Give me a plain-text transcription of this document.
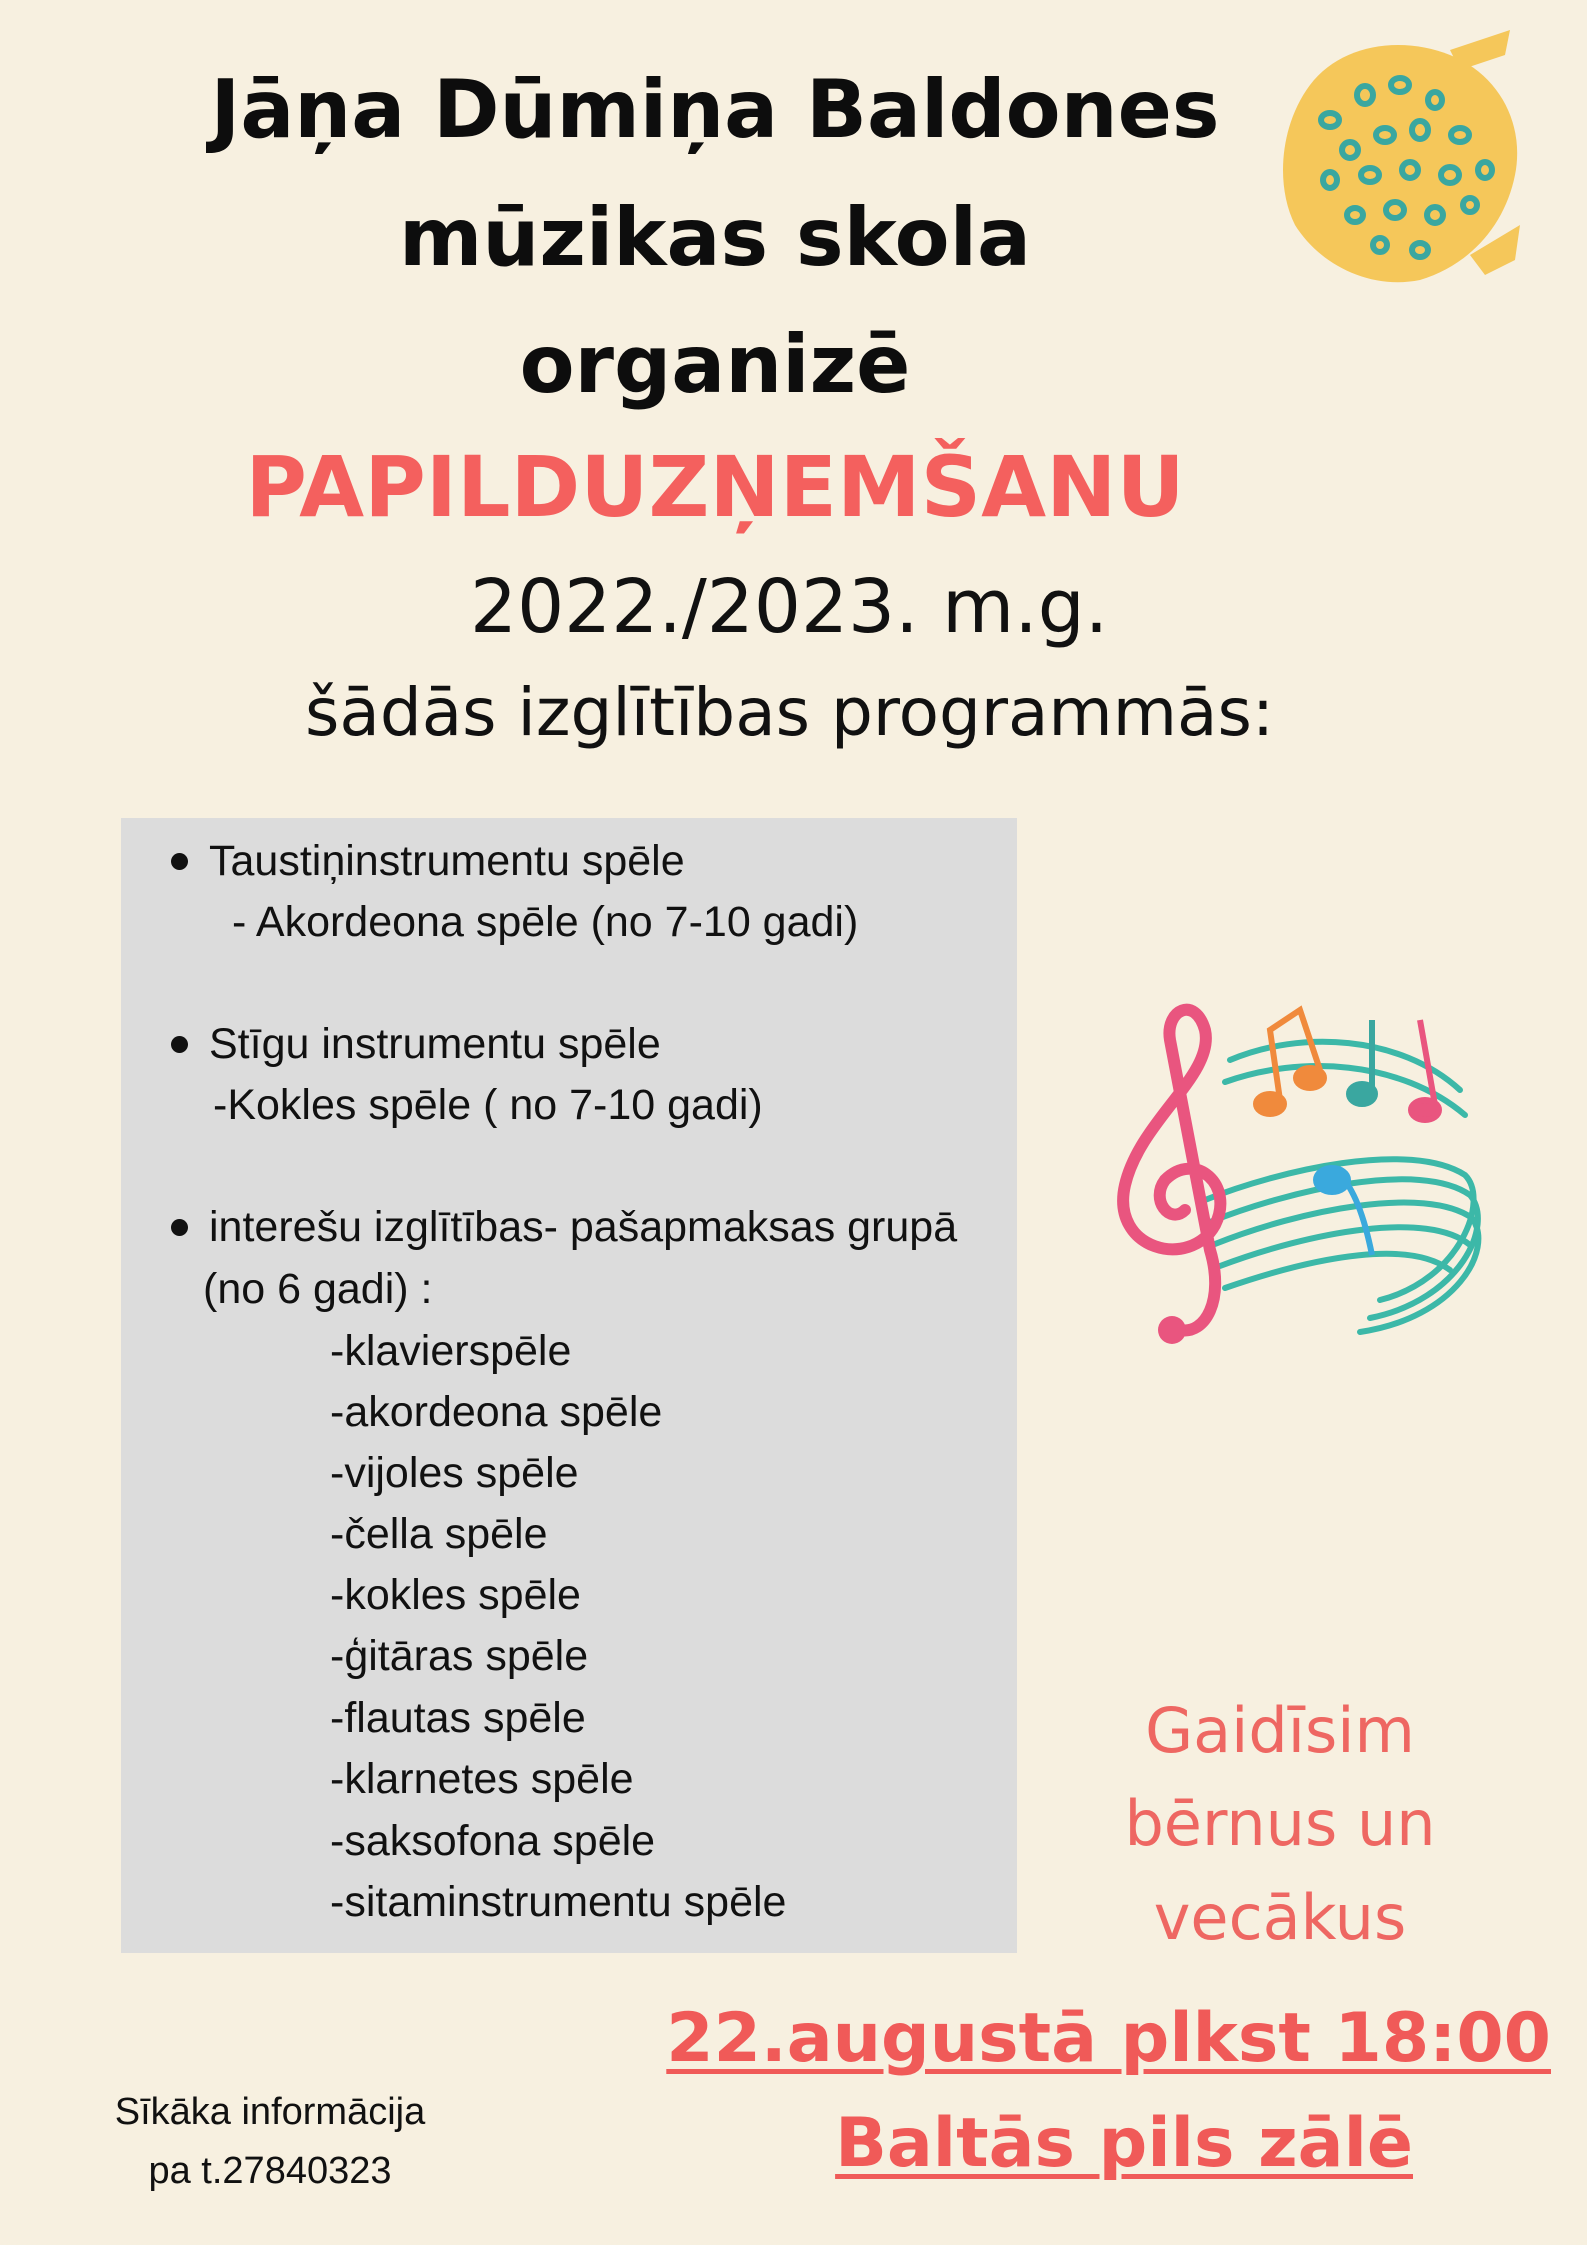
Jāņa Dūmiņa Baldones
mūzikas skola
organizē
PAPILDUZŅEMŠANU
2022./2023. m.g.
šādās izglītības programmās:
Taustiņinstrumentu spēle
- Akordeona spēle (no 7-10 gadi)
Stīgu instrumentu spēle
-Kokles spēle ( no 7-10 gadi)
interešu izglītības- pašapmaksas grupā
(no 6 gadi) :
-klavierspēle
-akordeona spēle
-vijoles spēle
-čella spēle
-kokles spēle
-ģitāras spēle
-flautas spēle
-klarnetes spēle
-saksofona spēle
-sitaminstrumentu spēle
Gaidīsim
bērnus un
vecākus
22.augustā plkst 18:00
Baltās pils zālē
Sīkāka informācija
pa t.27840323
